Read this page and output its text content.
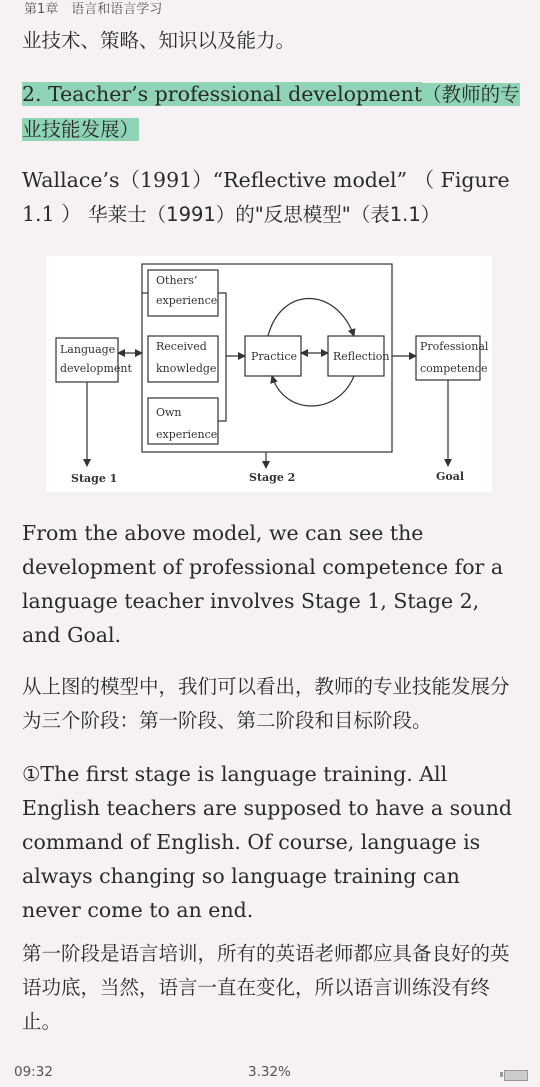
第1章　语言和语言学习

业技术、策略、知识以及能力。

2. Teacher’s professional development（教师的专业技能发展）

Wallace’s（1991）“Reflective model” （ Figure 1.1 ） 华莱士（1991）的"反思模型"（表1.1）

From the above model, we can see the development of professional competence for a language teacher involves Stage 1, Stage 2, and Goal.

从上图的模型中，我们可以看出，教师的专业技能发展分为三个阶段：第一阶段、第二阶段和目标阶段。

①The first stage is language training. All English teachers are supposed to have a sound command of English. Of course, language is always changing so language training can never come to an end.

第一阶段是语言培训，所有的英语老师都应具备良好的英语功底，当然，语言一直在变化，所以语言训练没有终止。

Language
development
Others’
experience
Received
knowledge
Own
experience
Practice	Reflection
Professional
competence
Stage 1	Stage 2	Goal
09:32	3.32%
